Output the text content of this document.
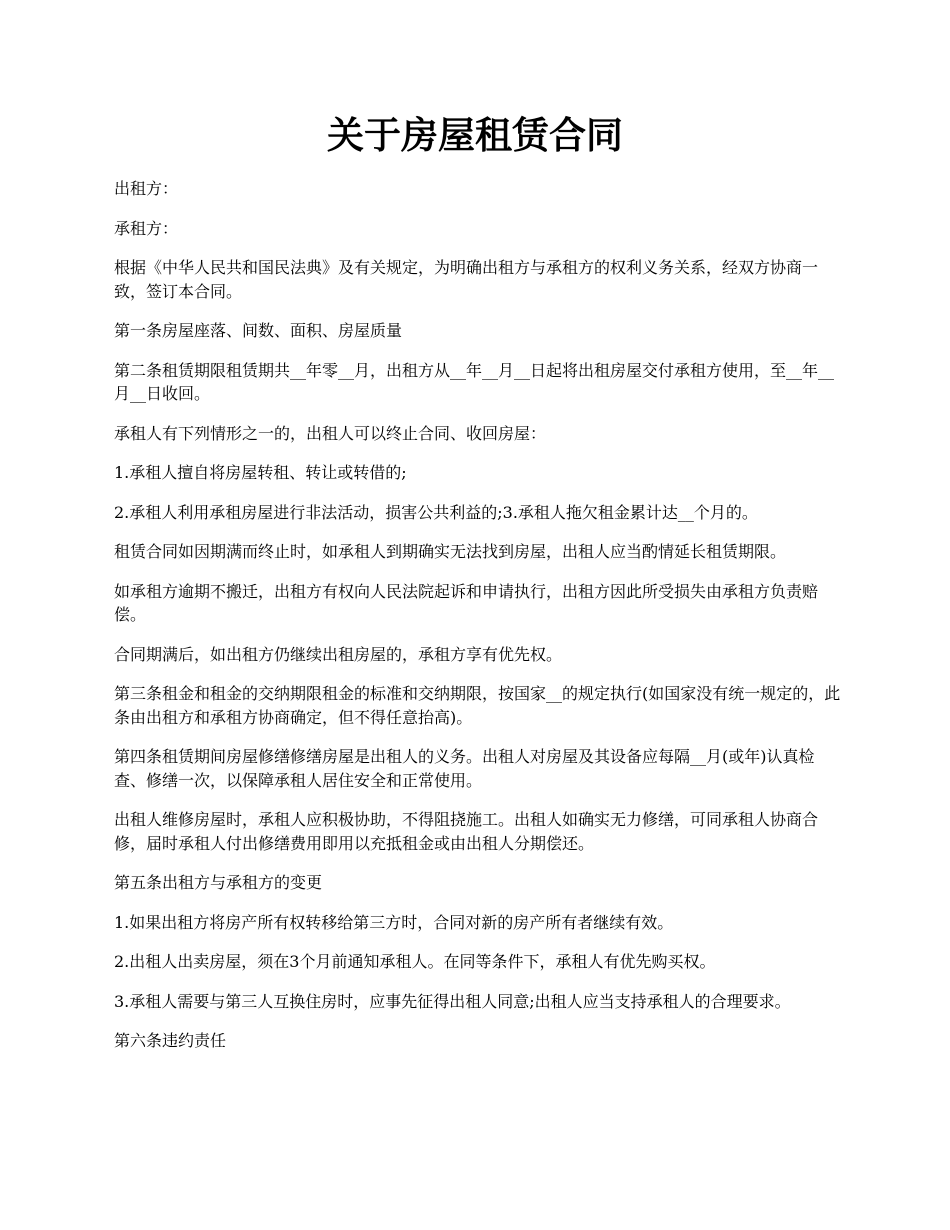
关于房屋租赁合同

出租方：

承租方：

根据《中华人民共和国民法典》及有关规定，为明确出租方与承租方的权利义务关系，经双方协商一致，签订本合同。

第一条房屋座落、间数、面积、房屋质量

第二条租赁期限租赁期共__年零__月，出租方从__年__月__日起将出租房屋交付承租方使用，至__年__月__日收回。

承租人有下列情形之一的，出租人可以终止合同、收回房屋：

1.承租人擅自将房屋转租、转让或转借的;

2.承租人利用承租房屋进行非法活动，损害公共利益的;3.承租人拖欠租金累计达__个月的。

租赁合同如因期满而终止时，如承租人到期确实无法找到房屋，出租人应当酌情延长租赁期限。

如承租方逾期不搬迁，出租方有权向人民法院起诉和申请执行，出租方因此所受损失由承租方负责赔偿。

合同期满后，如出租方仍继续出租房屋的，承租方享有优先权。

第三条租金和租金的交纳期限租金的标准和交纳期限，按国家__的规定执行(如国家没有统一规定的，此条由出租方和承租方协商确定，但不得任意抬高)。

第四条租赁期间房屋修缮修缮房屋是出租人的义务。出租人对房屋及其设备应每隔__月(或年)认真检查、修缮一次，以保障承租人居住安全和正常使用。

出租人维修房屋时，承租人应积极协助，不得阻挠施工。出租人如确实无力修缮，可同承租人协商合修，届时承租人付出修缮费用即用以充抵租金或由出租人分期偿还。

第五条出租方与承租方的变更

1.如果出租方将房产所有权转移给第三方时，合同对新的房产所有者继续有效。

2.出租人出卖房屋，须在3个月前通知承租人。在同等条件下，承租人有优先购买权。

3.承租人需要与第三人互换住房时，应事先征得出租人同意;出租人应当支持承租人的合理要求。

第六条违约责任
